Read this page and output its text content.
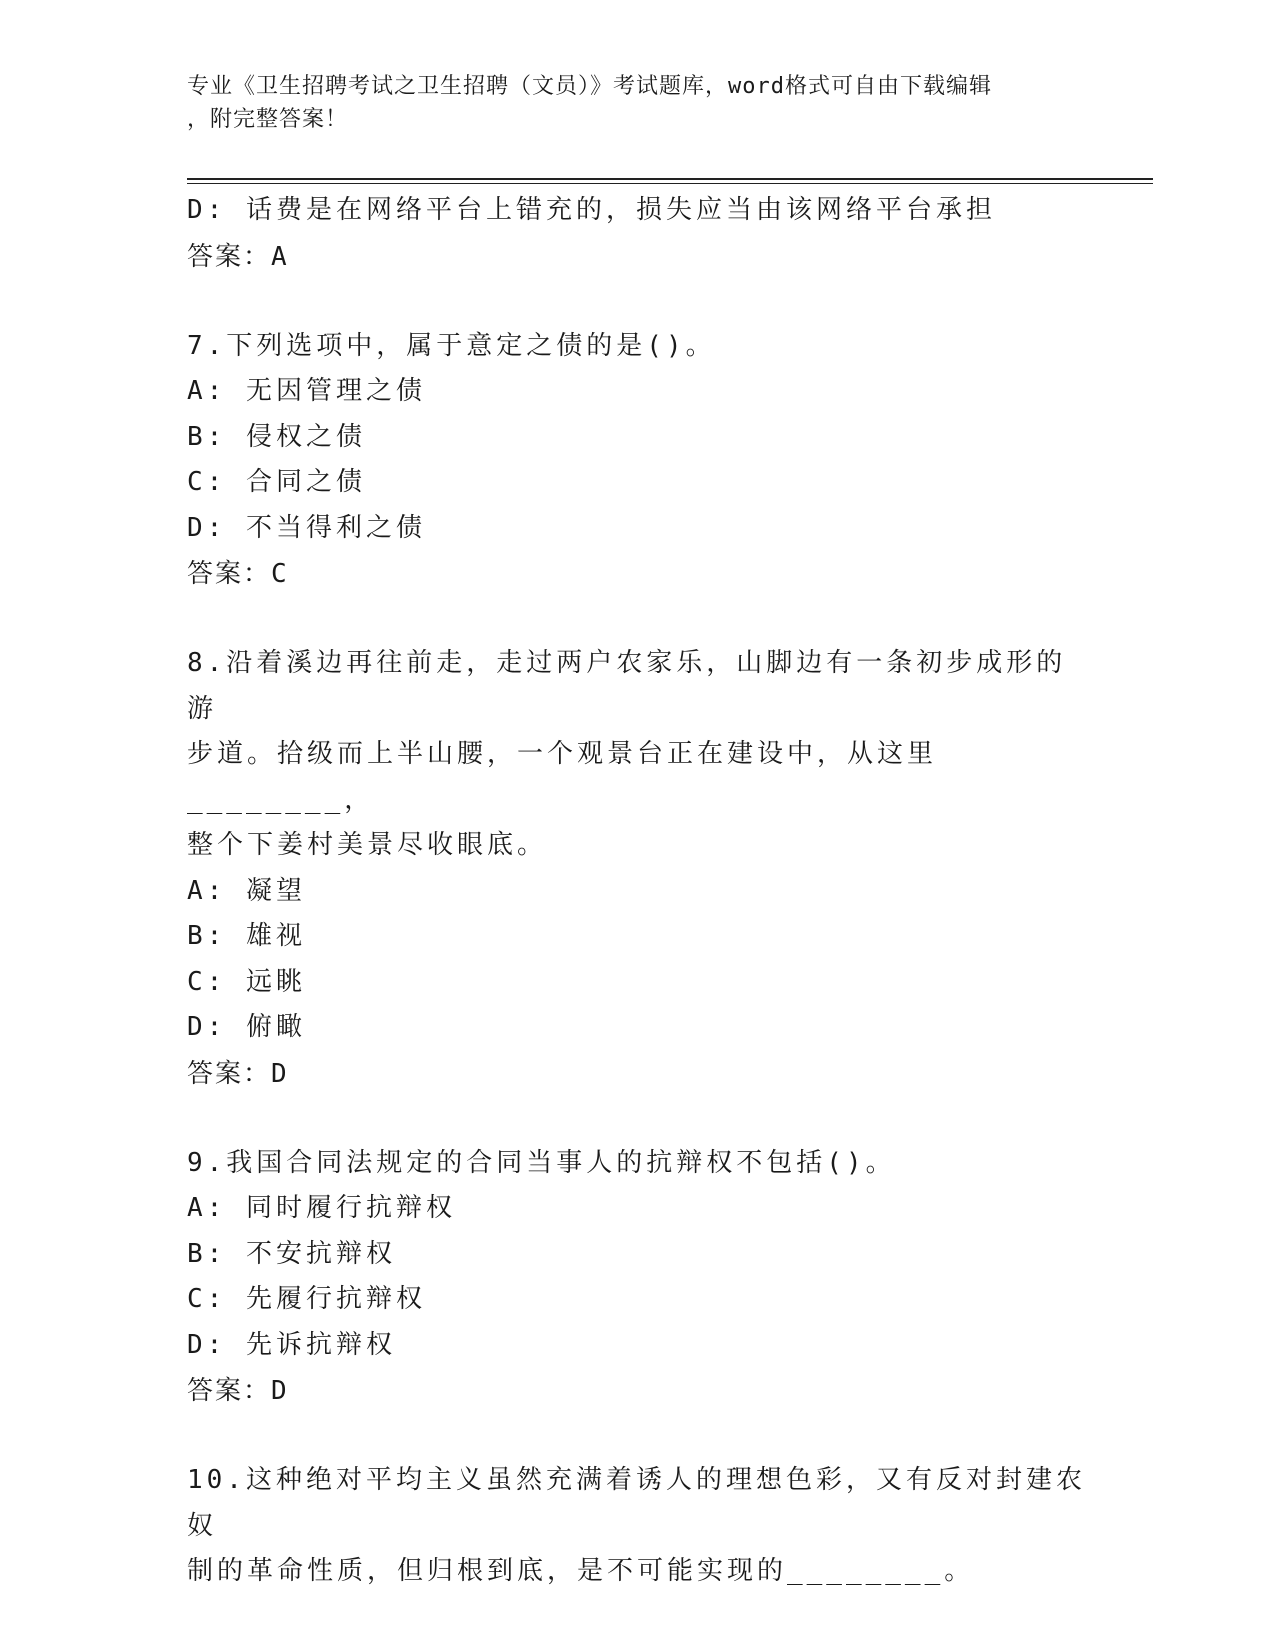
专业《卫生招聘考试之卫生招聘（文员）》考试题库，word格式可自由下载编辑
，附完整答案！
D: 话费是在网络平台上错充的，损失应当由该网络平台承担
答案：A
7.下列选项中，属于意定之债的是()。
A: 无因管理之债
B: 侵权之债
C: 合同之债
D: 不当得利之债
答案：C
8.沿着溪边再往前走，走过两户农家乐，山脚边有一条初步成形的游
步道。拾级而上半山腰，一个观景台正在建设中，从这里________，
整个下姜村美景尽收眼底。
A: 凝望
B: 雄视
C: 远眺
D: 俯瞰
答案：D
9.我国合同法规定的合同当事人的抗辩权不包括()。
A: 同时履行抗辩权
B: 不安抗辩权
C: 先履行抗辩权
D: 先诉抗辩权
答案：D
10.这种绝对平均主义虽然充满着诱人的理想色彩，又有反对封建农奴
制的革命性质，但归根到底，是不可能实现的________。
